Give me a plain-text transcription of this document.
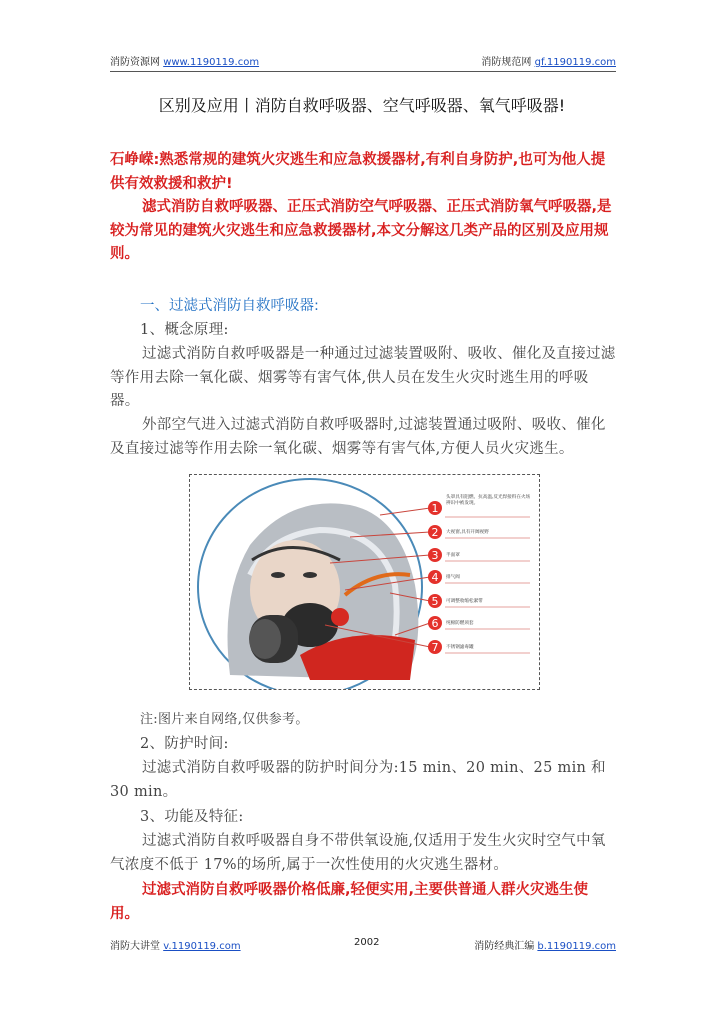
消防资源网 www.1190119.com	消防规范网 gf.1190119.com
区别及应用丨消防自救呼吸器、空气呼吸器、氧气呼吸器!
石峥嵘:熟悉常规的建筑火灾逃生和应急救援器材,有利自身防护,也可为他人提供有效救援和救护!
滤式消防自救呼吸器、正压式消防空气呼吸器、正压式消防氧气呼吸器,是较为常见的建筑火灾逃生和应急救援器材,本文分解这几类产品的区别及应用规则。
一、过滤式消防自救呼吸器:
1、概念原理:
过滤式消防自救呼吸器是一种通过过滤装置吸附、吸收、催化及直接过滤等作用去除一氧化碳、烟雾等有害气体,供人员在发生火灾时逃生用的呼吸器。
外部空气进入过滤式消防自救呼吸器时,过滤装置通过吸附、吸收、催化及直接过滤等作用去除一氧化碳、烟雾等有害气体,方便人员火灾逃生。
1
2
3
4
5
6
7
头罩具有阻燃、抗高温,反光焊接料在火场辨识中被发现。
大视窗,具有开阔视野
半面罩
排气阀
可调整收缩松紧带
纯棉防燃颈套
不锈钢滤毒罐
注:图片来自网络,仅供参考。
2、防护时间:
过滤式消防自救呼吸器的防护时间分为:15 min、20 min、25 min 和 30 min。
3、功能及特征:
过滤式消防自救呼吸器自身不带供氧设施,仅适用于发生火灾时空气中氧气浓度不低于 17%的场所,属于一次性使用的火灾逃生器材。
过滤式消防自救呼吸器价格低廉,轻便实用,主要供普通人群火灾逃生使用。
消防大讲堂 v.1190119.com	2002	消防经典汇编 b.1190119.com
